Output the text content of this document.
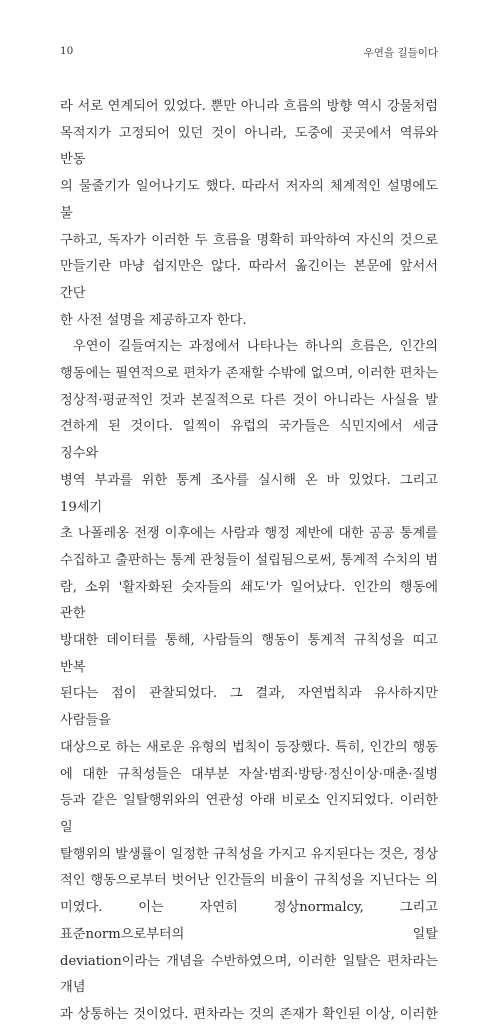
10	우연을 길들이다

라 서로 연계되어 있었다. 뿐만 아니라 흐름의 방향 역시 강물처럼

목적지가 고정되어 있던 것이 아니라, 도중에 곳곳에서 역류와 반동

의 물줄기가 일어나기도 했다. 따라서 저자의 체계적인 설명에도 불

구하고, 독자가 이러한 두 흐름을 명확히 파악하여 자신의 것으로

만들기란 마냥 쉽지만은 않다. 따라서 옮긴이는 본문에 앞서서 간단

한 사전 설명을 제공하고자 한다.

우연이 길들여지는 과정에서 나타나는 하나의 흐름은, 인간의

행동에는 필연적으로 편차가 존재할 수밖에 없으며, 이러한 편차는

정상적·평균적인 것과 본질적으로 다른 것이 아니라는 사실을 발

견하게 된 것이다. 일찍이 유럽의 국가들은 식민지에서 세금 징수와

병역 부과를 위한 통계 조사를 실시해 온 바 있었다. 그리고 19세기

초 나폴레옹 전쟁 이후에는 사람과 행정 제반에 대한 공공 통계를

수집하고 출판하는 통계 관청들이 설립됨으로써, 통계적 수치의 범

람, 소위 '활자화된 숫자들의 쇄도'가 일어났다. 인간의 행동에 관한

방대한 데이터를 통해, 사람들의 행동이 통계적 규칙성을 띠고 반복

된다는 점이 관찰되었다. 그 결과, 자연법칙과 유사하지만 사람들을

대상으로 하는 새로운 유형의 법칙이 등장했다. 특히, 인간의 행동

에 대한 규칙성들은 대부분 자살·범죄·방탕·정신이상·매춘·질병

등과 같은 일탈행위와의 연관성 아래 비로소 인지되었다. 이러한 일

탈행위의 발생률이 일정한 규칙성을 가지고 유지된다는 것은, 정상

적인 행동으로부터 벗어난 인간들의 비율이 규칙성을 지닌다는 의

미였다. 이는 자연히 정상normalcy, 그리고 표준norm으로부터의 일탈

deviation이라는 개념을 수반하였으며, 이러한 일탈은 편차라는 개념

과 상통하는 것이었다. 편차라는 것의 존재가 확인된 이상, 이러한
